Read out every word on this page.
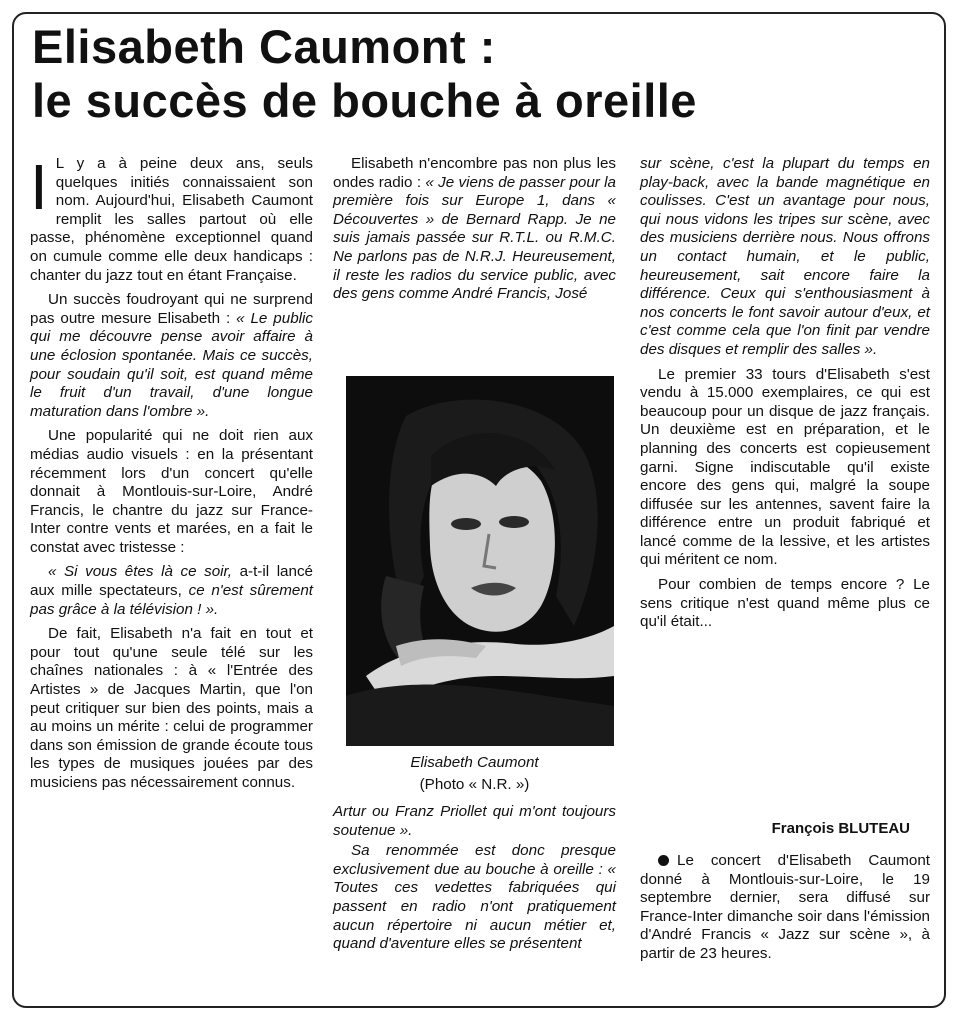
Elisabeth Caumont :
le succès de bouche à oreille

I L y a à peine deux ans, seuls quelques initiés connaissaient son nom. Aujourd'hui, Elisabeth Caumont remplit les salles partout où elle passe, phénomène exceptionnel quand on cumule comme elle deux handicaps : chanter du jazz tout en étant Française.

Un succès foudroyant qui ne surprend pas outre mesure Elisabeth : « Le public qui me découvre pense avoir affaire à une éclosion spontanée. Mais ce succès, pour soudain qu'il soit, est quand même le fruit d'un travail, d'une longue maturation dans l'ombre ».

Une popularité qui ne doit rien aux médias audio visuels : en la présentant récemment lors d'un concert qu'elle donnait à Montlouis-sur-Loire, André Francis, le chantre du jazz sur France-Inter contre vents et marées, en a fait le constat avec tristesse :

« Si vous êtes là ce soir, a-t-il lancé aux mille spectateurs, ce n'est sûrement pas grâce à la télévision ! ».

De fait, Elisabeth n'a fait en tout et pour tout qu'une seule télé sur les chaînes nationales : à « l'Entrée des Artistes » de Jacques Martin, que l'on peut critiquer sur bien des points, mais a au moins un mérite : celui de programmer dans son émission de grande écoute tous les types de musiques jouées par des musiciens pas nécessairement connus.

Elisabeth n'encombre pas non plus les ondes radio : « Je viens de passer pour la première fois sur Europe 1, dans « Découvertes » de Bernard Rapp. Je ne suis jamais passée sur R.T.L. ou R.M.C. Ne parlons pas de N.R.J. Heureusement, il reste les radios du service public, avec des gens comme André Francis, José

Elisabeth Caumont
(Photo « N.R. »)

Artur ou Franz Priollet qui m'ont toujours soutenue ».

Sa renommée est donc presque exclusivement due au bouche à oreille : « Toutes ces vedettes fabriquées qui passent en radio n'ont pratiquement aucun répertoire ni aucun métier et, quand d'aventure elles se présentent

sur scène, c'est la plupart du temps en play-back, avec la bande magnétique en coulisses. C'est un avantage pour nous, qui nous vidons les tripes sur scène, avec des musiciens derrière nous. Nous offrons un contact humain, et le public, heureusement, sait encore faire la différence. Ceux qui s'enthousiasment à nos concerts le font savoir autour d'eux, et c'est comme cela que l'on finit par vendre des disques et remplir des salles ».

Le premier 33 tours d'Elisabeth s'est vendu à 15.000 exemplaires, ce qui est beaucoup pour un disque de jazz français. Un deuxième est en préparation, et le planning des concerts est copieusement garni. Signe indiscutable qu'il existe encore des gens qui, malgré la soupe diffusée sur les antennes, savent faire la différence entre un produit fabriqué et lancé comme de la lessive, et les artistes qui méritent ce nom.

Pour combien de temps encore ? Le sens critique n'est quand même plus ce qu'il était...

François BLUTEAU
Le concert d'Elisabeth Caumont donné à Montlouis-sur-Loire, le 19 septembre dernier, sera diffusé sur France-Inter dimanche soir dans l'émission d'André Francis « Jazz sur scène », à partir de 23 heures.
